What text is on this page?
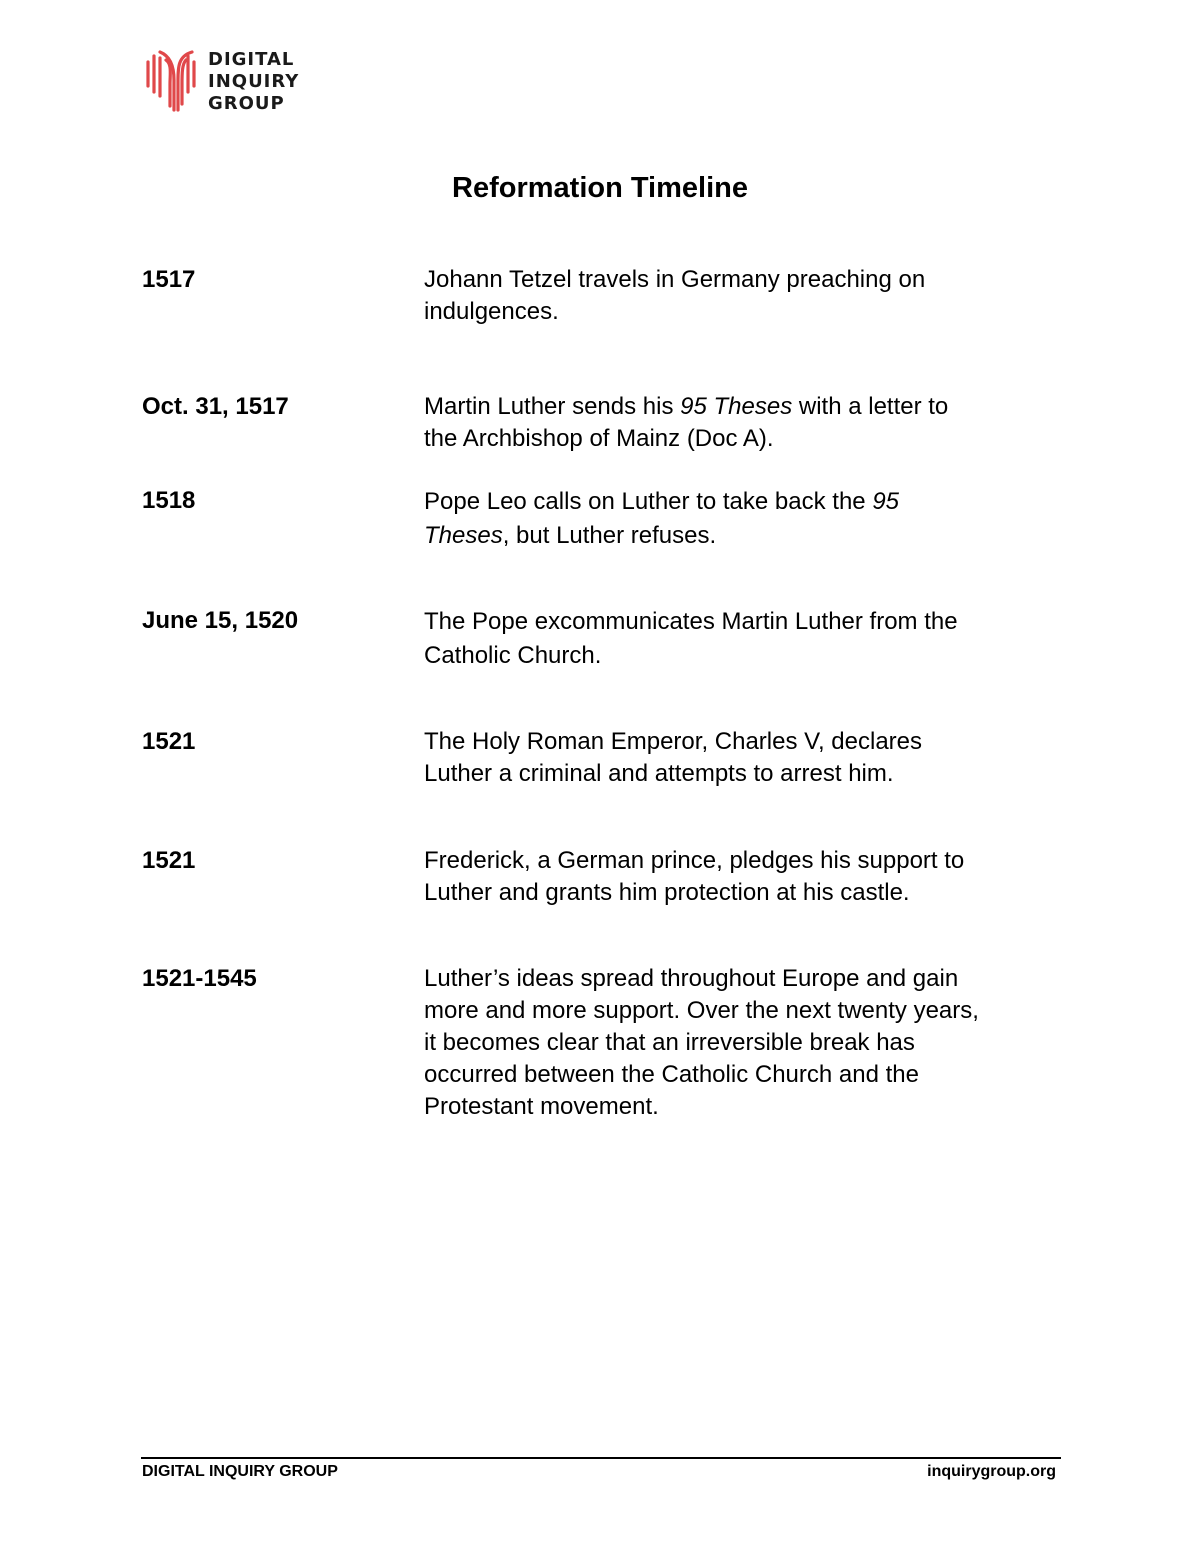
DIGITAL
INQUIRY
GROUP
Reformation Timeline
1517	Johann Tetzel travels in Germany preaching on
indulgences.
Oct. 31, 1517	Martin Luther sends his 95 Theses with a letter to
the Archbishop of Mainz (Doc A).
1518	Pope Leo calls on Luther to take back the 95
Theses, but Luther refuses.
June 15, 1520	The Pope excommunicates Martin Luther from the
Catholic Church.
1521	The Holy Roman Emperor, Charles V, declares
Luther a criminal and attempts to arrest him.
1521	Frederick, a German prince, pledges his support to
Luther and grants him protection at his castle.
1521-1545	Luther’s ideas spread throughout Europe and gain
more and more support. Over the next twenty years,
it becomes clear that an irreversible break has
occurred between the Catholic Church and the
Protestant movement.
DIGITAL INQUIRY GROUP	inquirygroup.org
